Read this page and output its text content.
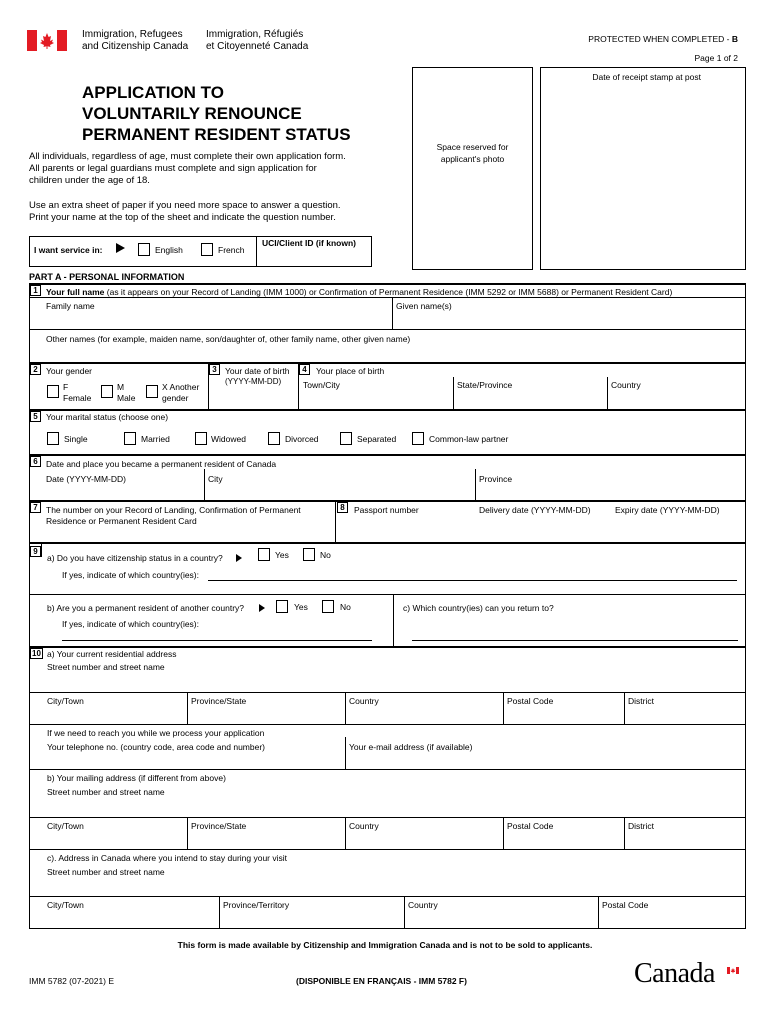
Immigration, Refugees
and Citizenship Canada
Immigration, Réfugiés
et Citoyenneté Canada
PROTECTED WHEN COMPLETED - B
Page 1 of 2
Date of receipt stamp at post
Space reserved for
applicant's photo
APPLICATION TO
VOLUNTARILY RENOUNCE
PERMANENT RESIDENT STATUS
All individuals, regardless of age, must complete their own application form.
All parents or legal guardians must complete and sign application for
children under the age of 18.
Use an extra sheet of paper if you need more space to answer a question.
Print your name at the top of the sheet and indicate the question number.
I want service in:	English	French
UCI/Client ID (if known)
PART A - PERSONAL INFORMATION
1 Your full name (as it appears on your Record of Landing (IMM 1000) or Confirmation of Permanent Residence (IMM 5292 or IMM 5688) or Permanent Resident Card)
Family name	Given name(s)
Other names (for example, maiden name, son/daughter of, other family name, other given name)
2 Your gender
F
Female
M
Male
X Another
gender
3 Your date of birth
(YYYY-MM-DD)
4	Your place of birth
Town/City	State/Province	Country
5 Your marital status (choose one)
Single	Married	Widowed	Divorced	Separated	Common-law partner
6 Date and place you became a permanent resident of Canada
Date (YYYY-MM-DD)	City	Province
7 The number on your Record of Landing, Confirmation of Permanent
Residence or Permanent Resident Card
8	Passport number	Delivery date (YYYY-MM-DD)	Expiry date (YYYY-MM-DD)
9
a) Do you have citizenship status in a country?	Yes	No
If yes, indicate of which country(ies):
b) Are you a permanent resident of another country?	Yes	No
If yes, indicate of which country(ies):
c) Which country(ies) can you return to?
10 a) Your current residential address
Street number and street name
City/Town	Province/State	Country	Postal Code	District
If we need to reach you while we process your application
Your telephone no. (country code, area code and number)	Your e-mail address (if available)
b) Your mailing address (if different from above)
Street number and street name
City/Town	Province/State	Country	Postal Code	District
c). Address in Canada where you intend to stay during your visit
Street number and street name
City/Town	Province/Territory	Country	Postal Code
This form is made available by Citizenship and Immigration Canada and is not to be sold to applicants.
IMM 5782 (07-2021) E	(DISPONIBLE EN FRANÇAIS - IMM 5782 F)	Canada
